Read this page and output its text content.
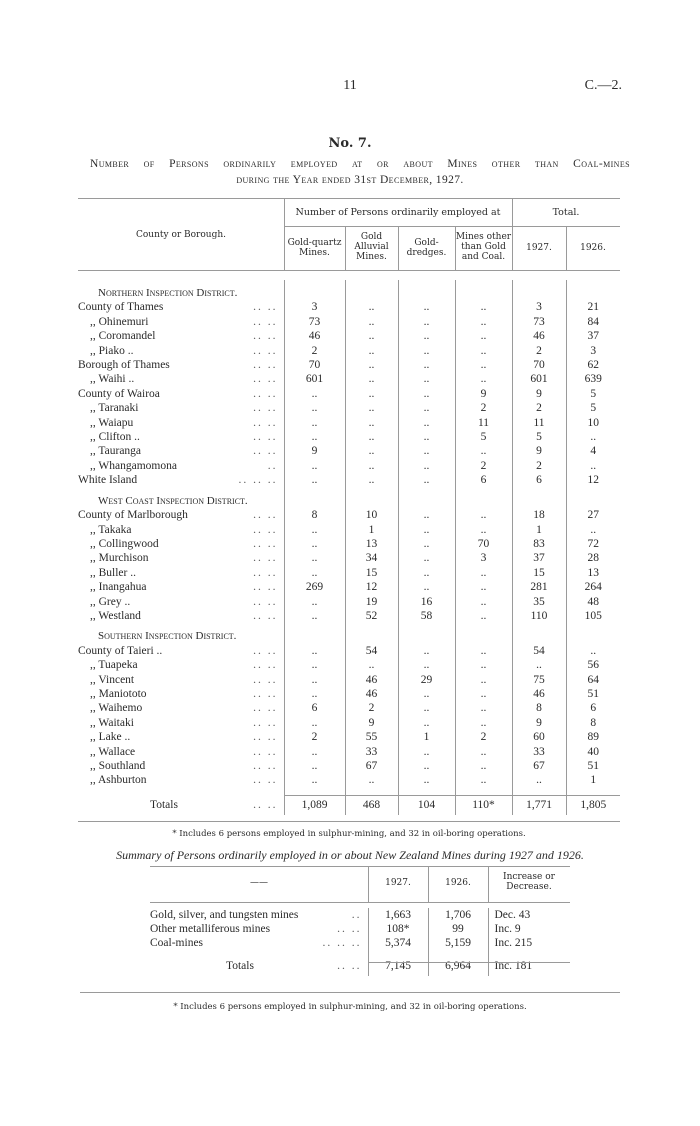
11	C.—2.
No. 7.
Number of Persons ordinarily employed at or about Mines other than Coal-mines
during the Year ended 31st December, 1927.
County or Borough.
Number of Persons ordinarily employed at	Total.
Gold-quartz
Mines.
Gold
Alluvial
Mines.
Gold-
dredges.
Mines other
than Gold
and Coal.
1927.	1926.
Northern Inspection District.						
County of Thames .. ..	3	..	..	..	3	21
,, Ohinemuri .. ..	73	..	..	..	73	84
,, Coromandel .. ..	46	..	..	..	46	37
,, Piako .. .. ..	2	..	..	..	2	3
Borough of Thames .. ..	70	..	..	..	70	62
,, Waihi .. .. ..	601	..	..	..	601	639
County of Wairoa .. ..	..	..	..	9	9	5
,, Taranaki .. ..	..	..	..	2	2	5
,, Waiapu .. ..	..	..	..	11	11	10
,, Clifton .. .. ..	..	..	..	5	5	..
,, Tauranga .. ..	9	..	..	..	9	4
,, Whangamomona ..	..	..	..	2	2	..
White Island .. .. ..	..	..	..	6	6	12
West Coast Inspection District.						
County of Marlborough .. ..	8	10	..	..	18	27
,, Takaka .. ..	..	1	..	..	1	..
,, Collingwood .. ..	..	13	..	70	83	72
,, Murchison .. ..	..	34	..	3	37	28
,, Buller .. .. ..	..	15	..	..	15	13
,, Inangahua .. ..	269	12	..	..	281	264
,, Grey .. .. ..	..	19	16	..	35	48
,, Westland .. ..	..	52	58	..	110	105
Southern Inspection District.						
County of Taieri .. .. ..	..	54	..	..	54	..
,, Tuapeka .. ..	..	..	..	..	..	56
,, Vincent .. ..	..	46	29	..	75	64
,, Maniototo .. ..	..	46	..	..	46	51
,, Waihemo .. ..	6	2	..	..	8	6
,, Waitaki .. ..	..	9	..	..	9	8
,, Lake .. .. ..	2	55	1	2	60	89
,, Wallace .. ..	..	33	..	..	33	40
,, Southland .. ..	..	67	..	..	67	51
,, Ashburton .. ..	..	..	..	..	..	1

Totals .. ..	1,089	468	104	110*	1,771	1,805
* Includes 6 persons employed in sulphur-mining, and 32 in oil-boring operations.
Summary of Persons ordinarily employed in or about New Zealand Mines during 1927 and 1926.
——	1927.	1926.
Increase or
Decrease.
Gold, silver, and tungsten mines ..	1,663	1,706	Dec. 43
Other metalliferous mines .. ..	108*	99	Inc. 9
Coal-mines .. .. ..	5,374	5,159	Inc. 215

Totals .. ..	7,145	6,964	Inc. 181
* Includes 6 persons employed in sulphur-mining, and 32 in oil-boring operations.
